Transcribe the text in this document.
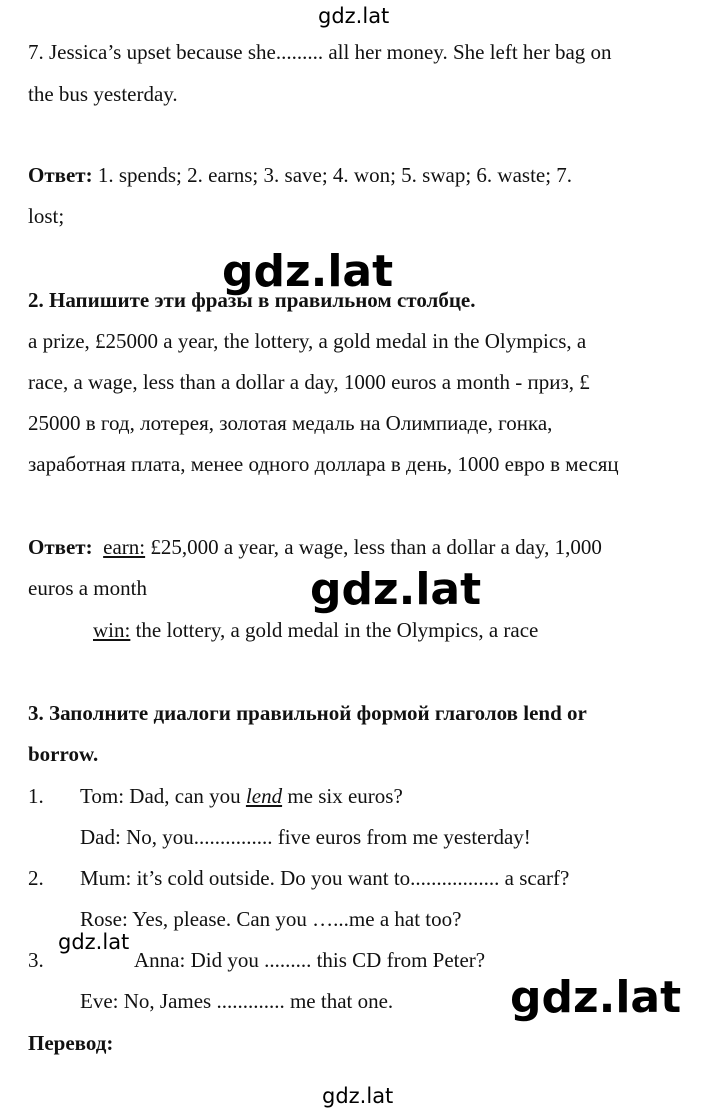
gdz.lat
7. Jessica’s upset because she......... all her money. She left her bag on
the bus yesterday.
Ответ: 1. spends; 2. earns; 3. save; 4. won; 5. swap; 6. waste; 7.
lost;
gdz.lat
2. Напишите эти фразы в правильном столбце.
a prize, £25000 a year, the lottery, a gold medal in the Olympics, a
race, a wage, less than a dollar a day, 1000 euros a month - приз, £
25000 в год, лотерея, золотая медаль на Олимпиаде, гонка,
заработная плата, менее одного доллара в день, 1000 евро в месяц
Ответ: earn: £25,000 a year, a wage, less than a dollar a day, 1,000
euros a month	gdz.lat
win: the lottery, a gold medal in the Olympics, a race
3. Заполните диалоги правильной формой глаголов lend or
borrow.
1. Tom: Dad, can you lend me six euros?
Dad: No, you............... five euros from me yesterday!
2. Mum: it’s cold outside. Do you want to................. a scarf?
Rose: Yes, please. Can you …...me a hat too?
gdz.lat
3.	Anna: Did you ......... this CD from Peter?
Eve: No, James ............. me that one.	gdz.lat
Перевод:
gdz.lat
